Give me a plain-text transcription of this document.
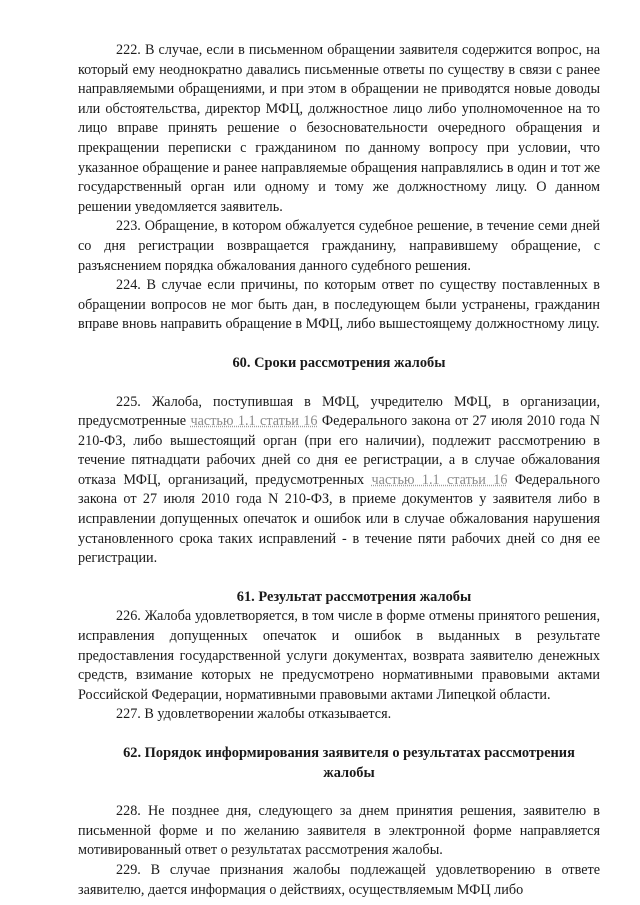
222. В случае, если в письменном обращении заявителя содержится вопрос, на который ему неоднократно давались письменные ответы по существу в связи с ранее направляемыми обращениями, и при этом в обращении не приводятся новые доводы или обстоятельства, директор МФЦ, должностное лицо либо уполномоченное на то лицо вправе принять решение о безосновательности очередного обращения и прекращении переписки с гражданином по данному вопросу при условии, что указанное обращение и ранее направляемые обращения направлялись в один и тот же государственный орган или одному и тому же должностному лицу. О данном решении уведомляется заявитель.

223. Обращение, в котором обжалуется судебное решение, в течение семи дней со дня регистрации возвращается гражданину, направившему обращение, с разъяснением порядка обжалования данного судебного решения.

224. В случае если причины, по которым ответ по существу поставленных в обращении вопросов не мог быть дан, в последующем были устранены, гражданин вправе вновь направить обращение в МФЦ, либо вышестоящему должностному лицу.

60. Сроки рассмотрения жалобы

225. Жалоба, поступившая в МФЦ, учредителю МФЦ, в организации, предусмотренные частью 1.1 статьи 16 Федерального закона от 27 июля 2010 года N 210-ФЗ, либо вышестоящий орган (при его наличии), подлежит рассмотрению в течение пятнадцати рабочих дней со дня ее регистрации, а в случае обжалования отказа МФЦ, организаций, предусмотренных частью 1.1 статьи 16 Федерального закона от 27 июля 2010 года N 210-ФЗ, в приеме документов у заявителя либо в исправлении допущенных опечаток и ошибок или в случае обжалования нарушения установленного срока таких исправлений - в течение пяти рабочих дней со дня ее регистрации.

61. Результат рассмотрения жалобы

226. Жалоба удовлетворяется, в том числе в форме отмены принятого решения, исправления допущенных опечаток и ошибок в выданных в результате предоставления государственной услуги документах, возврата заявителю денежных средств, взимание которых не предусмотрено нормативными правовыми актами Российской Федерации, нормативными правовыми актами Липецкой области.

227. В удовлетворении жалобы отказывается.

62. Порядок информирования заявителя о результатах рассмотрения жалобы

228. Не позднее дня, следующего за днем принятия решения, заявителю в письменной форме и по желанию заявителя в электронной форме направляется мотивированный ответ о результатах рассмотрения жалобы.

229. В случае признания жалобы подлежащей удовлетворению в ответе заявителю, дается информация о действиях, осуществляемым МФЦ либо
